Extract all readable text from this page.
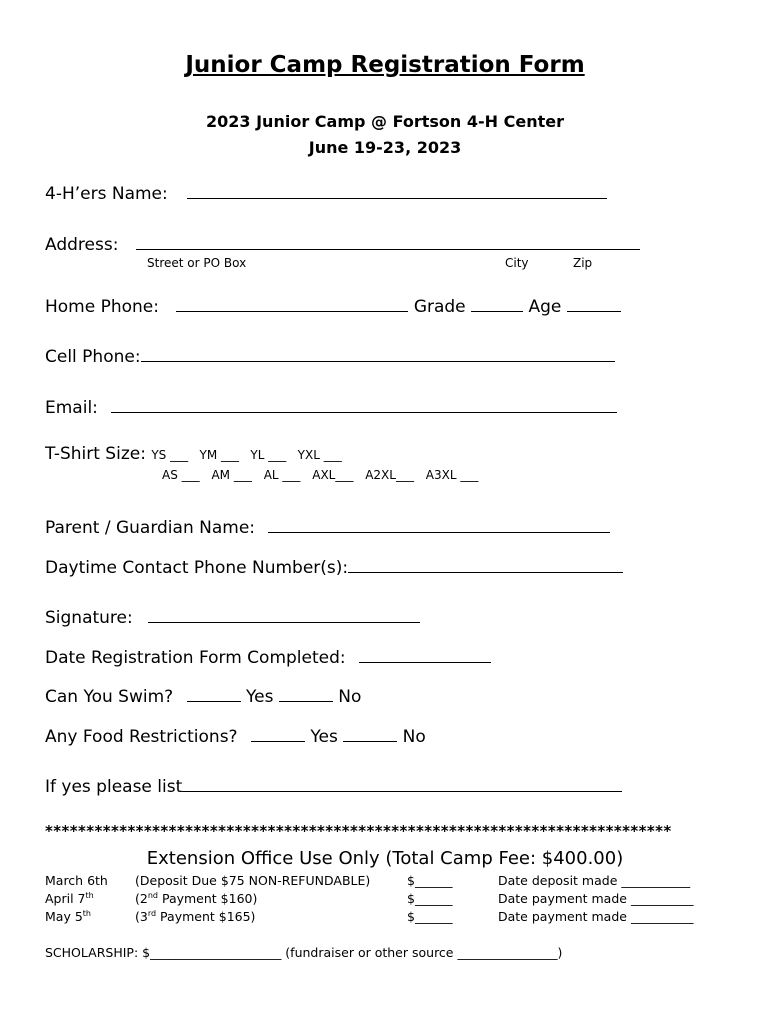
Junior Camp Registration Form
2023 Junior Camp @ Fortson 4-H Center
June 19-23, 2023
4-H’ers Name:
Address:
Street or PO Box	City	Zip
Home Phone:	Grade	Age
Cell Phone:
Email:
T-Shirt Size: YS ___ YM ___ YL ___ YXL ___
AS ___ AM ___ AL ___ AXL___ A2XL___ A3XL ___
Parent / Guardian Name:
Daytime Contact Phone Number(s):
Signature:
Date Registration Form Completed:
Can You Swim?	Yes	No
Any Food Restrictions?	Yes	No
If yes please list
****************************************************************************
Extension Office Use Only (Total Camp Fee: $400.00)
March 6th (Deposit Due $75 NON-REFUNDABLE)	$______	Date deposit made ___________
April 7th	(2nd Payment $160)	$______	Date payment made __________
May 5th	(3rd Payment $165)	$______	Date payment made __________
SCHOLARSHIP: $_____________________ (fundraiser or other source ________________)
